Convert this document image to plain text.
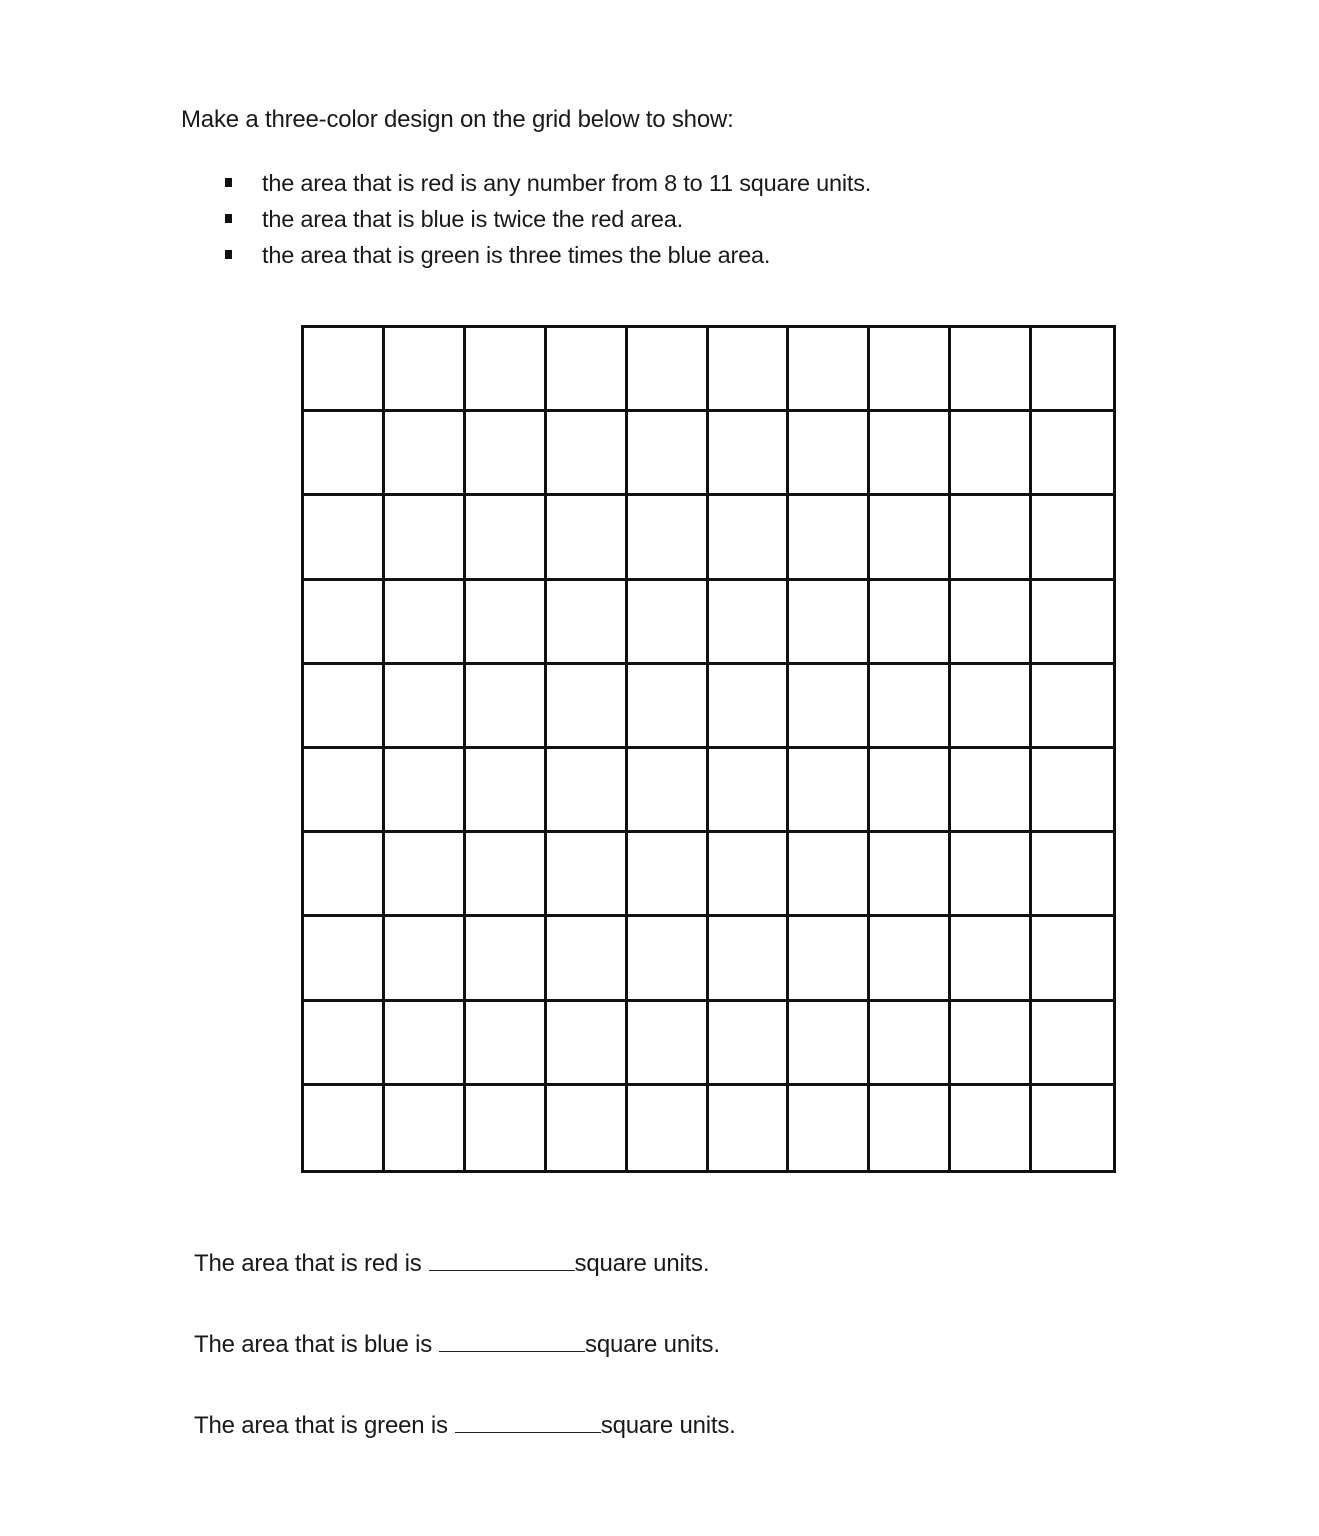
Make a three-color design on the grid below to show:
the area that is red is any number from 8 to 11 square units.
the area that is blue is twice the red area.
the area that is green is three times the blue area.
The area that is red is	square units.
The area that is blue is	square units.
The area that is green is	square units.
